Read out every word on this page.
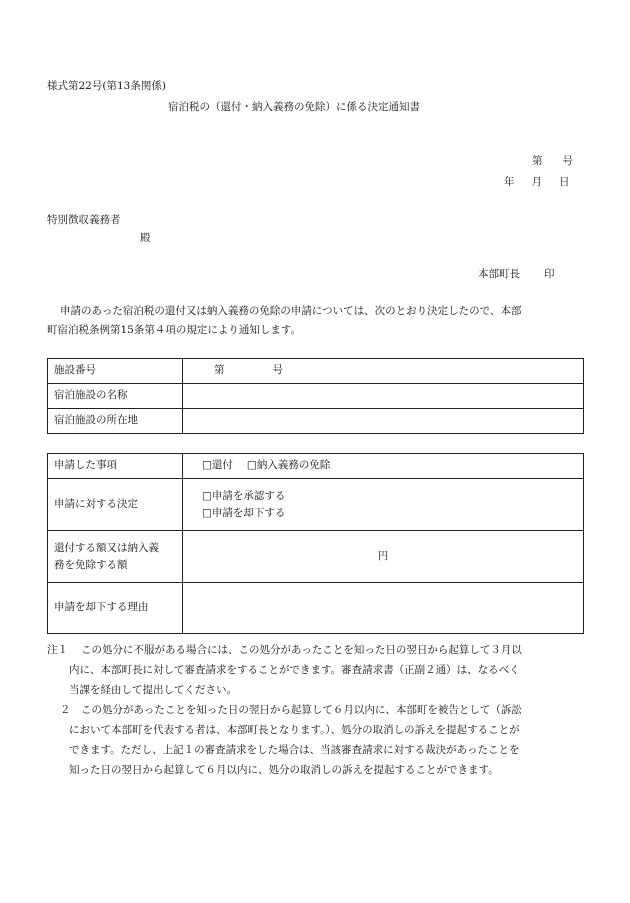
様式第22号(第13条関係)
宿泊税の（還付・納入義務の免除）に係る決定通知書
第 号
年 月 日
特別徴収義務者
殿
本部町長 印
申請のあった宿泊税の還付又は納入義務の免除の申請については、次のとおり決定したので、本部
町宿泊税条例第15条第４項の規定により通知します。
施設番号	第 号
宿泊施設の名称	
宿泊施設の所在地	
申請した事項	□還付 □納入義務の免除
申請に対する決定	□申請を承認する
□申請を却下する

還付する額又は納入義
務を免除する額	円
申請を却下する理由	
注１	この処分に不服がある場合には、この処分があったことを知った日の翌日から起算して３月以
内に、本部町長に対して審査請求をすることができます。審査請求書（正副２通）は、なるべく
当課を経由して提出してください。
２	この処分があったことを知った日の翌日から起算して６月以内に、本部町を被告として（訴訟
において本部町を代表する者は、本部町長となります。）、処分の取消しの訴えを提起することが
できます。ただし、上記１の審査請求をした場合は、当該審査請求に対する裁決があったことを
知った日の翌日から起算して６月以内に、処分の取消しの訴えを提起することができます。
